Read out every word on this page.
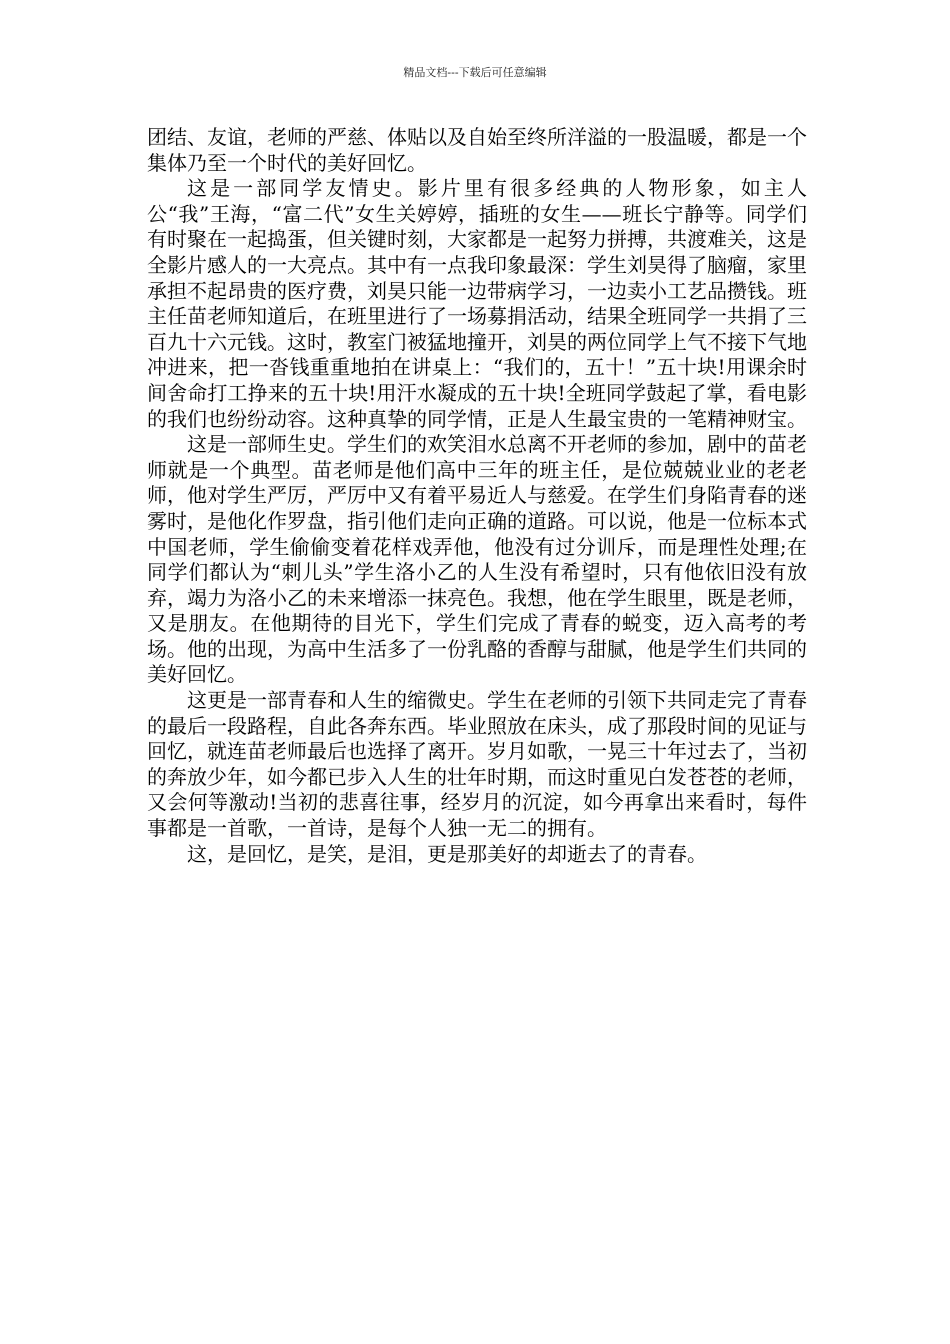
精品文档---下载后可任意编辑

团结、友谊，老师的严慈、体贴以及自始至终所洋溢的一股温暖，都是一个集体乃至一个时代的美好回忆。

这是一部同学友情史。影片里有很多经典的人物形象，如主人公“我”王海，“富二代”女生关婷婷，插班的女生——班长宁静等。同学们有时聚在一起捣蛋，但关键时刻，大家都是一起努力拼搏，共渡难关，这是全影片感人的一大亮点。其中有一点我印象最深：学生刘昊得了脑瘤，家里承担不起昂贵的医疗费，刘昊只能一边带病学习，一边卖小工艺品攒钱。班主任苗老师知道后，在班里进行了一场募捐活动，结果全班同学一共捐了三百九十六元钱。这时，教室门被猛地撞开，刘昊的两位同学上气不接下气地冲进来，把一沓钱重重地拍在讲桌上：“我们的，五十！”五十块!用课余时间舍命打工挣来的五十块!用汗水凝成的五十块!全班同学鼓起了掌，看电影的我们也纷纷动容。这种真挚的同学情，正是人生最宝贵的一笔精神财宝。

这是一部师生史。学生们的欢笑泪水总离不开老师的参加，剧中的苗老师就是一个典型。苗老师是他们高中三年的班主任，是位兢兢业业的老老师，他对学生严厉，严厉中又有着平易近人与慈爱。在学生们身陷青春的迷雾时，是他化作罗盘，指引他们走向正确的道路。可以说，他是一位标本式中国老师，学生偷偷变着花样戏弄他，他没有过分训斥，而是理性处理;在同学们都认为“刺儿头”学生洛小乙的人生没有希望时，只有他依旧没有放弃，竭力为洛小乙的未来增添一抹亮色。我想，他在学生眼里，既是老师，又是朋友。在他期待的目光下，学生们完成了青春的蜕变，迈入高考的考场。他的出现，为高中生活多了一份乳酪的香醇与甜腻，他是学生们共同的美好回忆。

这更是一部青春和人生的缩微史。学生在老师的引领下共同走完了青春的最后一段路程，自此各奔东西。毕业照放在床头，成了那段时间的见证与回忆，就连苗老师最后也选择了离开。岁月如歌，一晃三十年过去了，当初的奔放少年，如今都已步入人生的壮年时期，而这时重见白发苍苍的老师，又会何等激动!当初的悲喜往事，经岁月的沉淀，如今再拿出来看时，每件事都是一首歌，一首诗，是每个人独一无二的拥有。

这，是回忆，是笑，是泪，更是那美好的却逝去了的青春。
